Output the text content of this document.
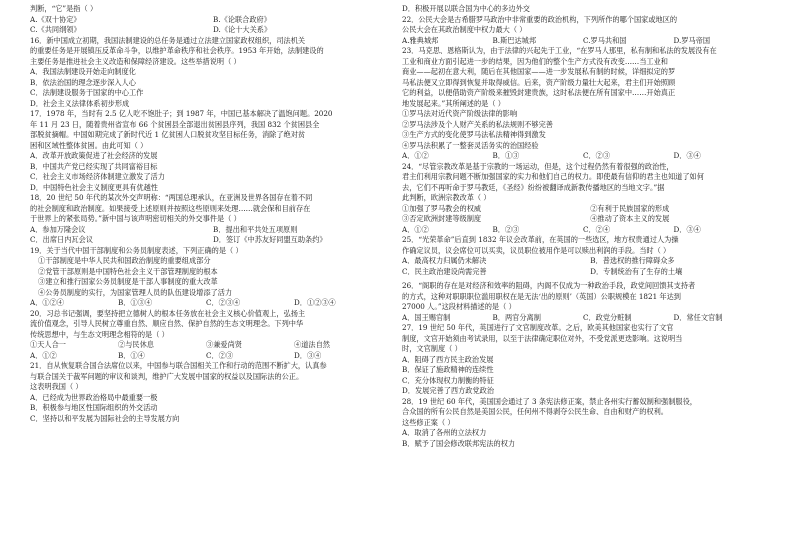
判断，“它”是指（ ）
A.《双十协定》	B.《论联合政府》
C.《共同纲领》	D.《论十大关系》
16．新中国成立初期，我国法制建设的总任务是通过立法建立国家政权组织，司法机关
的重要任务是开展镇压反革命斗争，以维护革命秩序和社会秩序。1953 年开始，法制建设的
主要任务是推进社会主义改造和保障经济建设。这些举措说明（ ）
A．我国法制建设开始走向制度化
B．依法治国的理念逐步深入人心
C．法制建设服务于国家的中心工作
D．社会主义法律体系初步形成
17．1978 年，当时有 2.5 亿人吃不饱肚子；到 1987 年，中国已基本解决了温饱问题。2020
年 11 月 23 日，随着贵州省宣布 66 个贫困县全部退出贫困县序列，我国 832 个贫困县全
部脱贫摘帽。中国如期完成了新时代近 1 亿贫困人口脱贫攻坚目标任务，消除了绝对贫
困和区域性整体贫困。由此可知（ ）
A．改革开放政策促进了社会经济的发展
B．中国共产党已经实现了共同富裕目标
C．社会主义市场经济体制建立激发了活力
D．中国特色社会主义制度更具有优越性
18．20 世纪 50 年代的某次外交声明称：“两国总理承认，在亚洲及世界各国存在着不同
的社会制度和政治制度。如果接受上述原则并按照这些原则来处理……就会保和目前存在
于世界上的紧张局势。”新中国与该声明密切相关的外交事件是（ ）
A．参加万隆会议	B．提出和平共处五项原则
C．出席日内瓦会议	D．签订《中苏友好同盟互助条约》
19．关于当代中国干部制度和公务员制度表述，下列正确的是（ ）
①干部制度是中华人民共和国政治制度的重要组成部分
②党管干部原则是中国特色社会主义干部管理制度的根本
③建立和推行国家公务员制度是干部人事制度的重大改革
④公务员制度的实行，为国家管理人员的队伍建设增添了活力
A．①②④	B．①③④	C．②③④	D．①②③④
20．习总书记强调，要坚持把立德树人的根本任务放在社会主义核心价值观上，弘扬主
流价值观念，引导人民树立尊重自然、顺应自然、保护自然的生态文明理念。下列中华
传统思想中，与生态文明理念相符的是（ ）
①天人合一	②与民休息	③兼爱尚贤	④道法自然
A．①②	B．①④	C．②③	D．③④
21．自从恢复联合国合法席位以来，中国参与联合国相关工作和行动的范围不断扩大，认真参
与联合国关于裁军问题的审议和谈判，维护广大发展中国家的权益以及国际法的公正。
这表明我国（ ）
A．已经成为世界政治格局中最重要一极
B．积极参与地区性国际组织的外交活动
C．坚持以和平发展为国际社会的主导发展方向
D．积极开展以联合国为中心的多边外交
22．公民大会是古希腊罗马政治中非常重要的政治机构，下列所作的哪个国家或地区的
公民大会在其政治制度中权力最大（ ）
A.雅典城邦	B.斯巴达城邦	C.罗马共和国	D.罗马帝国
23．马克思、恩格斯认为，由于法律的兴起先于工业，“在罗马人那里，私有制和私法的发展没有在
工业和商业方面引起进一步的结果，因为他们的整个生产方式没有改变……当工业和
商业——起初在意大利，随后在其他国家——进一步发展私有制的时候，详细拟定的罗
马私法便又立即得到恢复并取得威信。后来，资产阶级力量壮大起来，君主们开始照顾
它的利益，以便借助资产阶级来摧毁封建贵族，这时私法便在所有国家中……开始真正
地发展起来。”其所阐述的是（ ）
①罗马法对近代资产阶级法律的影响
②罗马法涉及个人财产关系的私法规则不够完善
③生产方式的变化使罗马法私法精神得到激发
④罗马法积累了一整套灵活务实的治国经验
A．①②	B．①③	C．②③	D．③④
24．“尽管宗教改革是基于宗教的一场运动，但是，这个过程仍然有着很强的政治性，
君主们利用宗教问题不断加强国家的实力和他们自己的权力。即使最有信仰的君主也知道了如何
去，它们不再听命于罗马教廷，《圣经》纷纷被翻译成新教传播地区的当地文字。”据
此判断，欧洲宗教改革（ ）
①加强了罗马教会的权威	②有利于民族国家的形成
③否定欧洲封建等级制度	④推动了资本主义的发展
A．①②	B．②③	C．②④	D．③④
25．“光荣革命”后直到 1832 年议会改革前，在英国的一些选区，地方权贵通过人为操
作确定议员，议会席位可以买卖，议员职位被用作是可以赎出利润的手段。当时（ ）
A．最高权力归属仍未解决	B．普选权的推行障碍众多
C．民主政治建设尚需完善	D．专制统治有了生存的土壤
26．“阁职的存在是对经济和效率的阻碍，内阁不仅成为一种政治手段，政党间回馈其支持者
的方式，这种对职职职位滥用职权在是无法‘出的原则’（英国）公职规模在 1821 年达到
27000 人。”这段材料描述的是（ ）
A．国王赐官制	B．两官分离制	C．政党分赃制	D．常任文官制
27．19 世纪 50 年代，英国进行了文官制度改革。之后，欧美其他国家也实行了文官
制度，文官开始须由考试录用，以至于法律确定职位对外，不受党派更迭影响。这说明当
时，文官制度（ ）
A．阻碍了西方民主政治发展
B．保证了施政精神的连续性
C．充分体现权力制衡的特征
D．发展完善了西方政党政治
28．19 世纪 60 年代，美国国会通过了 3 条宪法修正案，禁止各州实行蓄奴制和强制服役，
合众国的所有公民自然是美国公民，任何州不得剥夺公民生命、自由和财产的权利。
这些修正案（ ）
A．取消了各州的立法权力
B．赋予了国会修改联邦宪法的权力
